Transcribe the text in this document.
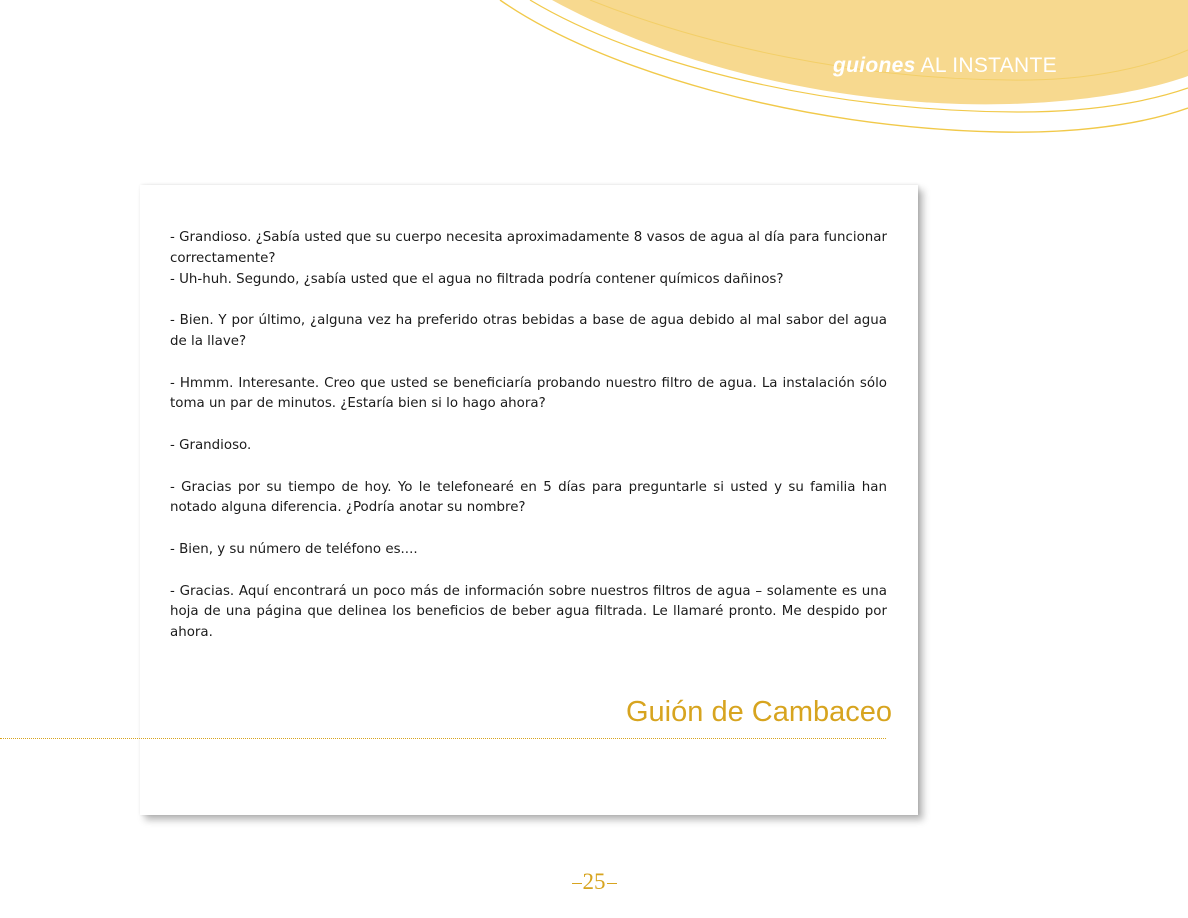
guiones AL INSTANTE

- Grandioso. ¿Sabía usted que su cuerpo necesita aproximadamente 8 vasos de agua al día para funcionar correctamente?
- Uh-huh. Segundo, ¿sabía usted que el agua no filtrada podría contener químicos dañinos?

- Bien. Y por último, ¿alguna vez ha preferido otras bebidas a base de agua debido al mal sabor del agua de la llave?

- Hmmm. Interesante. Creo que usted se beneficiaría probando nuestro filtro de agua. La instalación sólo toma un par de minutos. ¿Estaría bien si lo hago ahora?

- Grandioso.

- Gracias por su tiempo de hoy. Yo le telefonearé en 5 días para preguntarle si usted y su familia han notado alguna diferencia. ¿Podría anotar su nombre?

- Bien, y su número de teléfono es....

- Gracias. Aquí encontrará un poco más de información sobre nuestros filtros de agua – solamente es una hoja de una página que delinea los beneficios de beber agua filtrada. Le llamaré pronto. Me despido por ahora.

Guión de Cambaceo
25
